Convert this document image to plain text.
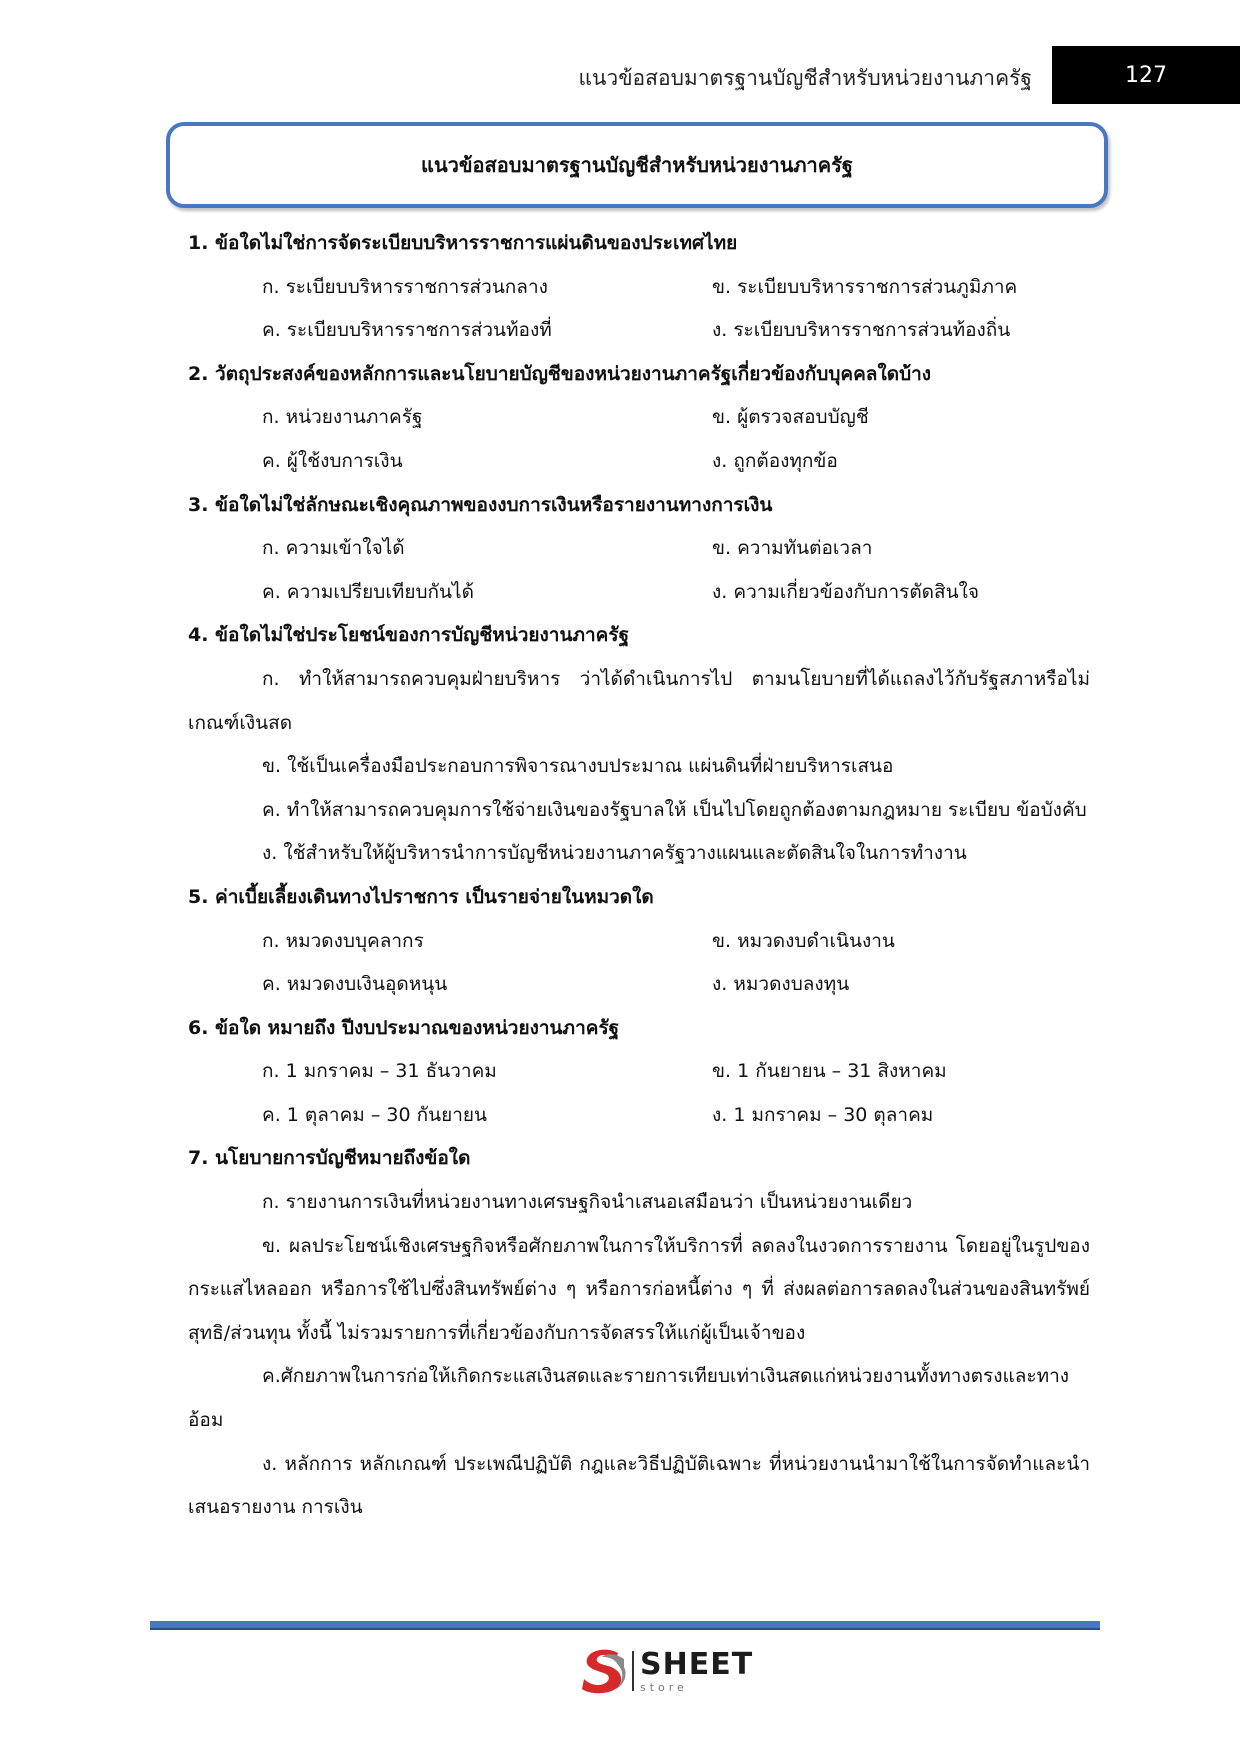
แนวข้อสอบมาตรฐานบัญชีสำหรับหน่วยงานภาครัฐ	127
แนวข้อสอบมาตรฐานบัญชีสำหรับหน่วยงานภาครัฐ
1. ข้อใดไม่ใช่การจัดระเบียบบริหารราชการแผ่นดินของประเทศไทย
ก. ระเบียบบริหารราชการส่วนกลาง	ข. ระเบียบบริหารราชการส่วนภูมิภาค
ค. ระเบียบบริหารราชการส่วนท้องที่	ง. ระเบียบบริหารราชการส่วนท้องถิ่น
2. วัตถุประสงค์ของหลักการและนโยบายบัญชีของหน่วยงานภาครัฐเกี่ยวข้องกับบุคคลใดบ้าง
ก. หน่วยงานภาครัฐ	ข. ผู้ตรวจสอบบัญชี
ค. ผู้ใช้งบการเงิน	ง. ถูกต้องทุกข้อ
3. ข้อใดไม่ใช่ลักษณะเชิงคุณภาพของงบการเงินหรือรายงานทางการเงิน
ก. ความเข้าใจได้	ข. ความทันต่อเวลา
ค. ความเปรียบเทียบกันได้	ง. ความเกี่ยวข้องกับการตัดสินใจ
4. ข้อใดไม่ใช่ประโยชน์ของการบัญชีหน่วยงานภาครัฐ

ก. ทำให้สามารถควบคุมฝ่ายบริหาร ว่าได้ดำเนินการไป ตามนโยบายที่ได้แถลงไว้กับรัฐสภาหรือไม่ เกณฑ์เงินสด

ข. ใช้เป็นเครื่องมือประกอบการพิจารณางบประมาณ แผ่นดินที่ฝ่ายบริหารเสนอ

ค. ทำให้สามารถควบคุมการใช้จ่ายเงินของรัฐบาลให้ เป็นไปโดยถูกต้องตามกฎหมาย ระเบียบ ข้อบังคับ

ง. ใช้สำหรับให้ผู้บริหารนำการบัญชีหน่วยงานภาครัฐวางแผนและตัดสินใจในการทำงาน

5. ค่าเบี้ยเลี้ยงเดินทางไปราชการ เป็นรายจ่ายในหมวดใด
ก. หมวดงบบุคลากร	ข. หมวดงบดำเนินงาน
ค. หมวดงบเงินอุดหนุน	ง. หมวดงบลงทุน
6. ข้อใด หมายถึง ปีงบประมาณของหน่วยงานภาครัฐ
ก. 1 มกราคม – 31 ธันวาคม	ข. 1 กันยายน – 31 สิงหาคม
ค. 1 ตุลาคม – 30 กันยายน	ง. 1 มกราคม – 30 ตุลาคม
7. นโยบายการบัญชีหมายถึงข้อใด

ก. รายงานการเงินที่หน่วยงานทางเศรษฐกิจนำเสนอเสมือนว่า เป็นหน่วยงานเดียว

ข. ผลประโยชน์เชิงเศรษฐกิจหรือศักยภาพในการให้บริการที่ ลดลงในงวดการรายงาน โดยอยู่ในรูปของกระแสไหลออก หรือการใช้ไปซึ่งสินทรัพย์ต่าง ๆ หรือการก่อหนี้ต่าง ๆ ที่ ส่งผลต่อการลดลงในส่วนของสินทรัพย์สุทธิ/ส่วนทุน ทั้งนี้ ไม่รวมรายการที่เกี่ยวข้องกับการจัดสรรให้แก่ผู้เป็นเจ้าของ

ค.ศักยภาพในการก่อให้เกิดกระแสเงินสดและรายการเทียบเท่าเงินสดแก่หน่วยงานทั้งทางตรงและทางอ้อม

ง. หลักการ หลักเกณฑ์ ประเพณีปฏิบัติ กฎและวิธีปฏิบัติเฉพาะ ที่หน่วยงานนำมาใช้ในการจัดทำและนำเสนอรายงาน การเงิน

SHEET
store
